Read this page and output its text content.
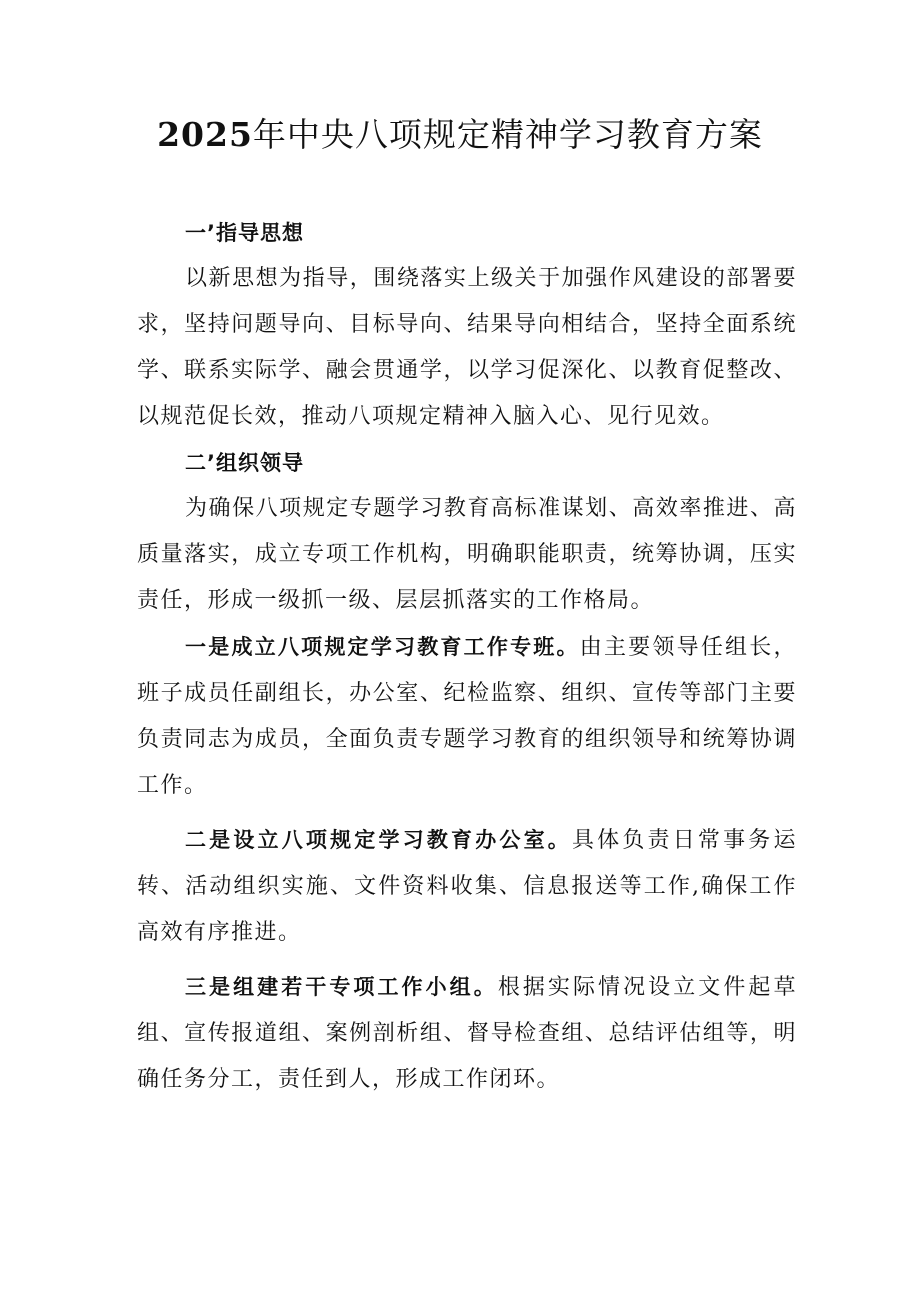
2025年中央八项规定精神学习教育方案

一’指导思想

以新思想为指导，围绕落实上级关于加强作风建设的部署要求，坚持问题导向、目标导向、结果导向相结合，坚持全面系统学、联系实际学、融会贯通学，以学习促深化、以教育促整改、以规范促长效，推动八项规定精神入脑入心、见行见效。

二’组织领导

为确保八项规定专题学习教育高标准谋划、高效率推进、高质量落实，成立专项工作机构，明确职能职责，统筹协调，压实责任，形成一级抓一级、层层抓落实的工作格局。

一是成立八项规定学习教育工作专班。由主要领导任组长，班子成员任副组长，办公室、纪检监察、组织、宣传等部门主要负责同志为成员，全面负责专题学习教育的组织领导和统筹协调工作。

二是设立八项规定学习教育办公室。具体负责日常事务运转、活动组织实施、文件资料收集、信息报送等工作,确保工作高效有序推进。

三是组建若干专项工作小组。根据实际情况设立文件起草组、宣传报道组、案例剖析组、督导检查组、总结评估组等，明确任务分工，责任到人，形成工作闭环。
